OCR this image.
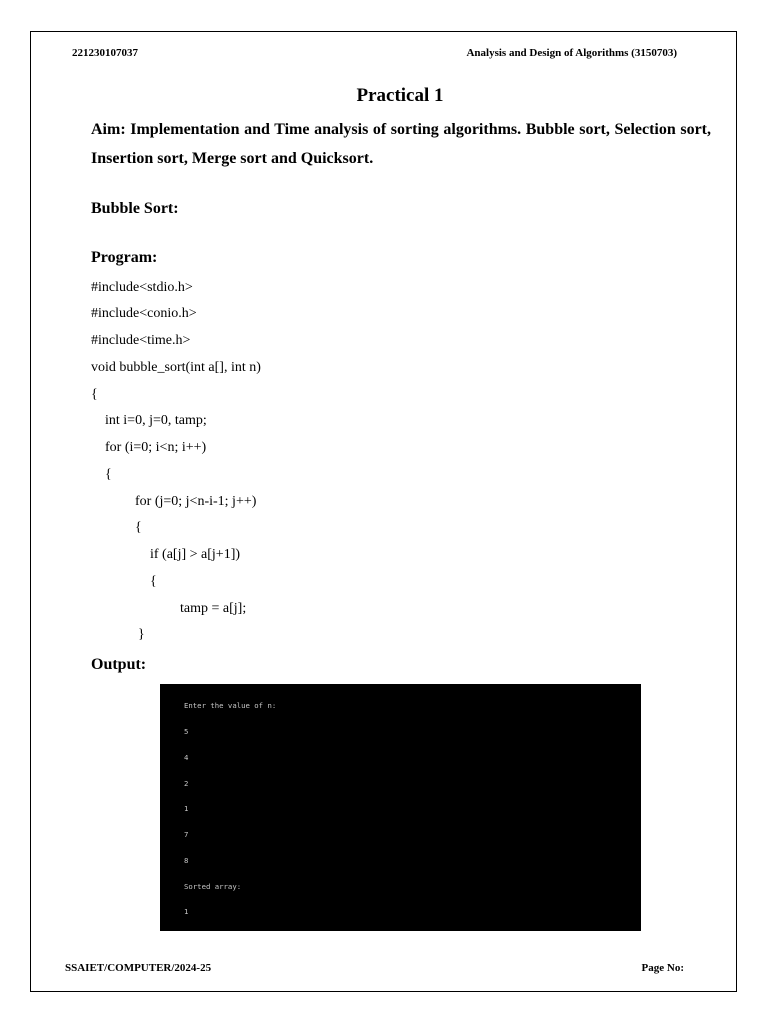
221230107037	Analysis and Design of Algorithms (3150703)
Practical 1
Aim: Implementation and Time analysis of sorting algorithms. Bubble sort, Selection sort, Insertion sort, Merge sort and Quicksort.
Bubble Sort:
Program:
#include<stdio.h>
#include<conio.h>
#include<time.h>
void bubble_sort(int a[], int n)
{
int i=0, j=0, tamp;
for (i=0; i<n; i++)
{
for (j=0; j<n-i-1; j++)
{
if (a[j] > a[j+1])
{
tamp = a[j];
}
Output:

Enter the value of n:

5

4

2

1

7

8

Sorted array:

1

SSAIET/COMPUTER/2024-25	Page No:
